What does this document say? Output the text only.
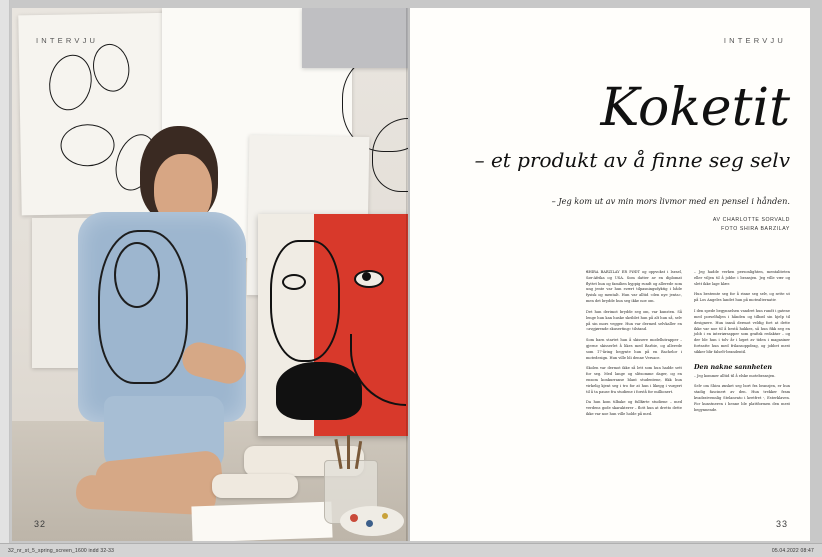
INTERVJU
32
INTERVJU
Koketit
– et produkt av å finne seg selv
– Jeg kom ut av min mors livmor med en pensel i hånden.
AV CHARLOTTE SORVALD
FOTO SHIRA BARZILAY

SHIRA BARZILAY ER FØDT og oppvokst i Israel, Sør-Afrika og USA. Som datter av en diplomat flyttet hun og familien hyppig rundt og allerede som ung jente var hun svært tilpasningsdyktig i både fysisk og mentalt. Hun var alltid «den nye jenta», men det brydde hun seg ikke noe om.

Det hun derimot brydde seg om, var kunsten. Så lenge hun kan huske skriblet hun på alt hun så, selv på sin mors vegger. Hun var dermed selvkaller en «avgjørende skuserting» tilstand.

Som barn startet hun å skissere modellutrapper – gjerne skisserlet å likes med Barbie, og allerede som 17-åring begynte hun på en Bachelor i motedesign. Hun ville bli denne Versace.

Skolen var dermot ikke så lett som hun hadde sett for seg. Med lange og slitsomme dager, og en ensom konkurranse blant studentene, fikk hun virkelig kjent seg i tro for at hun i likegg i vurgert til å ta pause fra studiene i forstå for millionert.

Da hun kom tilbake og fullførte studiene – med verdens gode skarakterer – flott hun at dretto dette ikke var noe hun ville holde på med.

– Jeg hadde verken personlighten, mentaliteten eller viljen til å jobbe i bransjen. Jeg ville vær og slett ikke lage klær.

Hun bestemte seg for å rinne seg selv, og sette ut på Los Angeles landet hun på motealternativ.

I den spede begynnelsen vandret hun rundt i gatene med porselfaljen i hånden og tilbød sin hjelp til designere. Hun innså dermot veldig fort at dette ikke var noe til å bestå hukkes, så hun fikk seg en jobb i en interiørsapper som grafisk redaktør – og der ble hun i tolv år i løpet av tiden i magasiner fortsatte hun med frilansoppdrag, og jobbet mest sikker blir falselt-brandentil.

Den nakne sannheten

– Jeg kommer alltid til å elske motebransjen.

Selv om Shira ønsket seg bort fra bransjen, er hun stadig fascinert av den. Hun trekker fram kvadratvennlig Stelanvato i kretfret -, Esterklaven. For kunstneren i henne ble plattformen den mest begynnende.

33
32_nr_st_5_spring_screen_1600 indd 32-33	05.04.2022 08:47
